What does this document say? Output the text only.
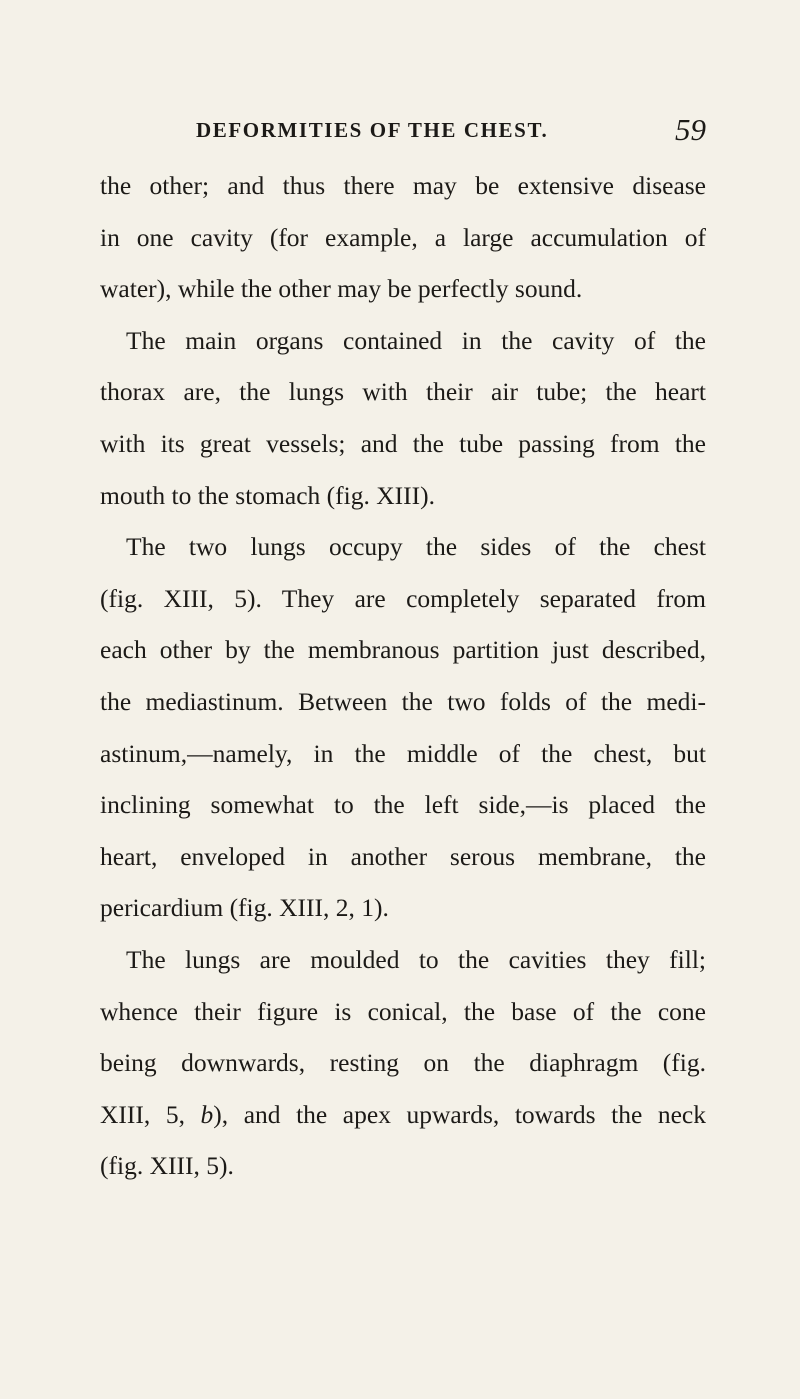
DEFORMITIES OF THE CHEST.	59
the other; and thus there may be extensive disease
in one cavity (for example, a large accumulation of
water), while the other may be perfectly sound.
The main organs contained in the cavity of the
thorax are, the lungs with their air tube; the heart
with its great vessels; and the tube passing from the
mouth to the stomach (fig. XIII).
The two lungs occupy the sides of the chest
(fig. XIII, 5). They are completely separated from
each other by the membranous partition just described,
the mediastinum. Between the two folds of the medi-
astinum,—namely, in the middle of the chest, but
inclining somewhat to the left side,—is placed the
heart, enveloped in another serous membrane, the
pericardium (fig. XIII, 2, 1).
The lungs are moulded to the cavities they fill;
whence their figure is conical, the base of the cone
being downwards, resting on the diaphragm (fig.
XIII, 5, b), and the apex upwards, towards the neck
(fig. XIII, 5).
